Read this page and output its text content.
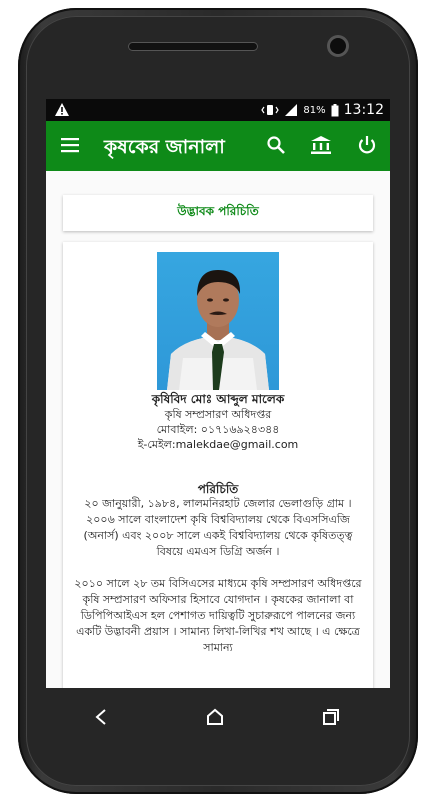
81% 13:12
কৃষকের জানালা
উদ্ভাবক পরিচিতি
কৃষিবিদ মোঃ আব্দুল মালেক
কৃষি সম্প্রসারণ অধিদপ্তর
মোবাইল: ০১৭১৬৯২৪৩৪৪
ই-মেইল:malekdae@gmail.com
পরিচিতি

২০ জানুয়ারী, ১৯৮৪, লালমনিরহাট জেলার ভেলাগুড়ি গ্রাম । ২০০৬ সালে বাংলাদেশ কৃষি বিশ্ববিদ্যালয় থেকে বিএসসিএজি (অনার্স) এবং ২০০৮ সালে একই বিশ্ববিদ্যালয় থেকে কৃষিতত্ত্ব বিষয়ে এমএস ডিগ্রি অর্জন ।

২০১০ সালে ২৮ তম বিসিএসের মাধ্যমে কৃষি সম্প্রসারণ অধিদপ্তরে কৃষি সম্প্রসারণ অফিসার হিসাবে যোগদান । কৃষকের জানালা বা ডিপিপিআইএস হল পেশাগত দায়িত্বটি সুচারুরূপে পালনের জন্য একটি উদ্ভাবনী প্রয়াস । সামান্য লিখা-লিখির শখ আছে । এ ক্ষেত্রে সামান্য
